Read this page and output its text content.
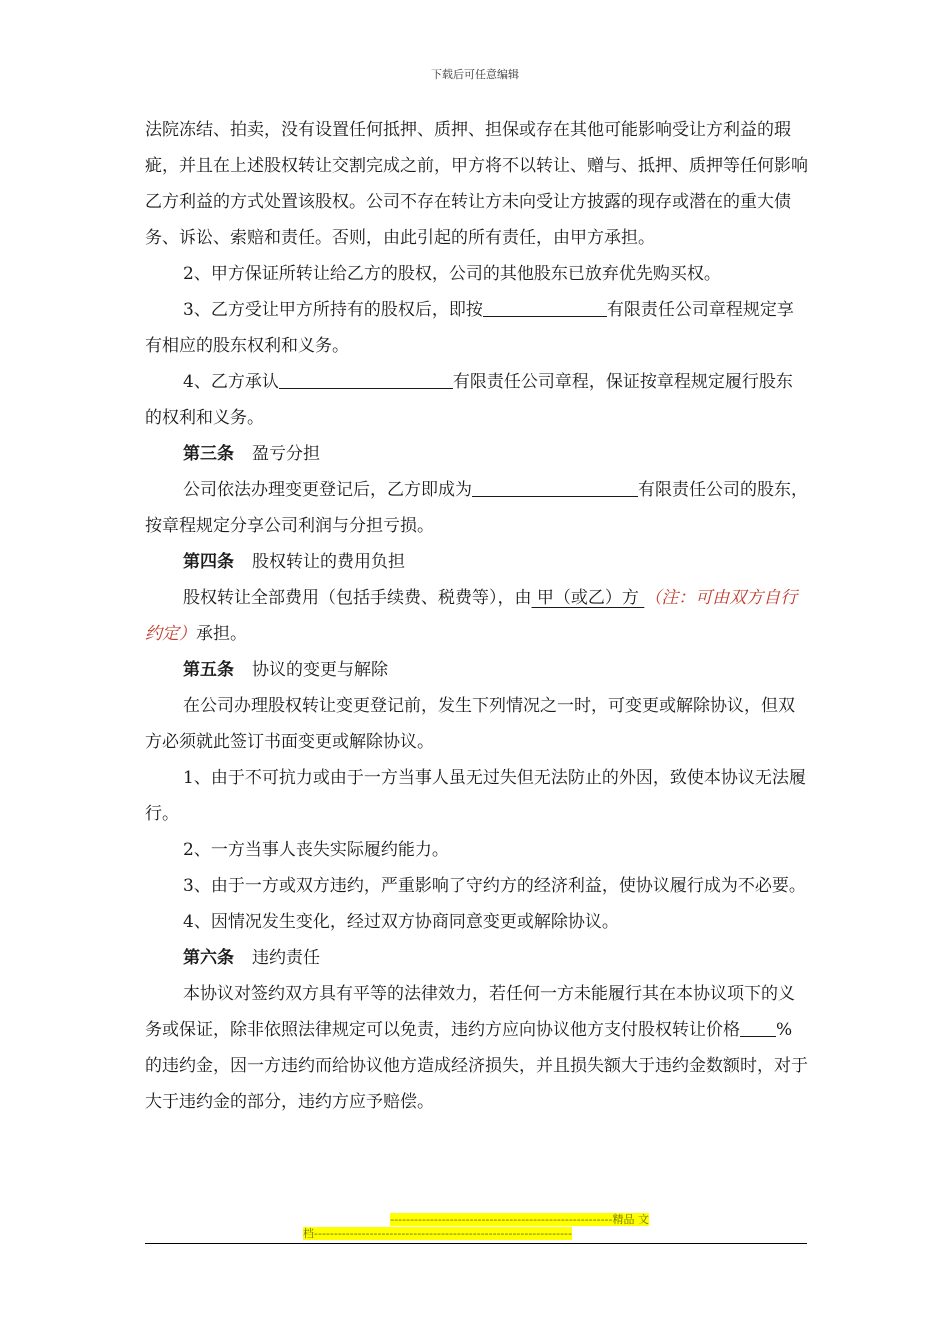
下载后可任意编辑

法院冻结、拍卖，没有设置任何抵押、质押、担保或存在其他可能影响受让方利益的瑕疵，并且在上述股权转让交割完成之前，甲方将不以转让、赠与、抵押、质押等任何影响乙方利益的方式处置该股权。公司不存在转让方未向受让方披露的现存或潜在的重大债务、诉讼、索赔和责任。否则，由此引起的所有责任，由甲方承担。

2、甲方保证所转让给乙方的股权，公司的其他股东已放弃优先购买权。

3、乙方受让甲方所持有的股权后，即按	有限责任公司章程规定享有相应的股东权利和义务。

4、乙方承认	有限责任公司章程，保证按章程规定履行股东的权利和义务。

第三条 盈亏分担

公司依法办理变更登记后，乙方即成为	有限责任公司的股东，按章程规定分享公司利润与分担亏损。

第四条 股权转让的费用负担

股权转让全部费用（包括手续费、税费等），由 甲（或乙）方 （注：可由双方自行约定）承担。

第五条 协议的变更与解除

在公司办理股权转让变更登记前，发生下列情况之一时，可变更或解除协议，但双方必须就此签订书面变更或解除协议。

1、由于不可抗力或由于一方当事人虽无过失但无法防止的外因，致使本协议无法履行。

2、一方当事人丧失实际履约能力。

3、由于一方或双方违约，严重影响了守约方的经济利益，使协议履行成为不必要。

4、因情况发生变化，经过双方协商同意变更或解除协议。

第六条 违约责任

本协议对签约双方具有平等的法律效力，若任何一方未能履行其在本协议项下的义务或保证，除非依照法律规定可以免责，违约方应向协议他方支付股权转让价格 %的违约金，因一方违约而给协议他方造成经济损失，并且损失额大于违约金数额时，对于大于违约金的部分，违约方应予赔偿。

--------------------------------------------------------精品 文
档-----------------------------------------------------------------
